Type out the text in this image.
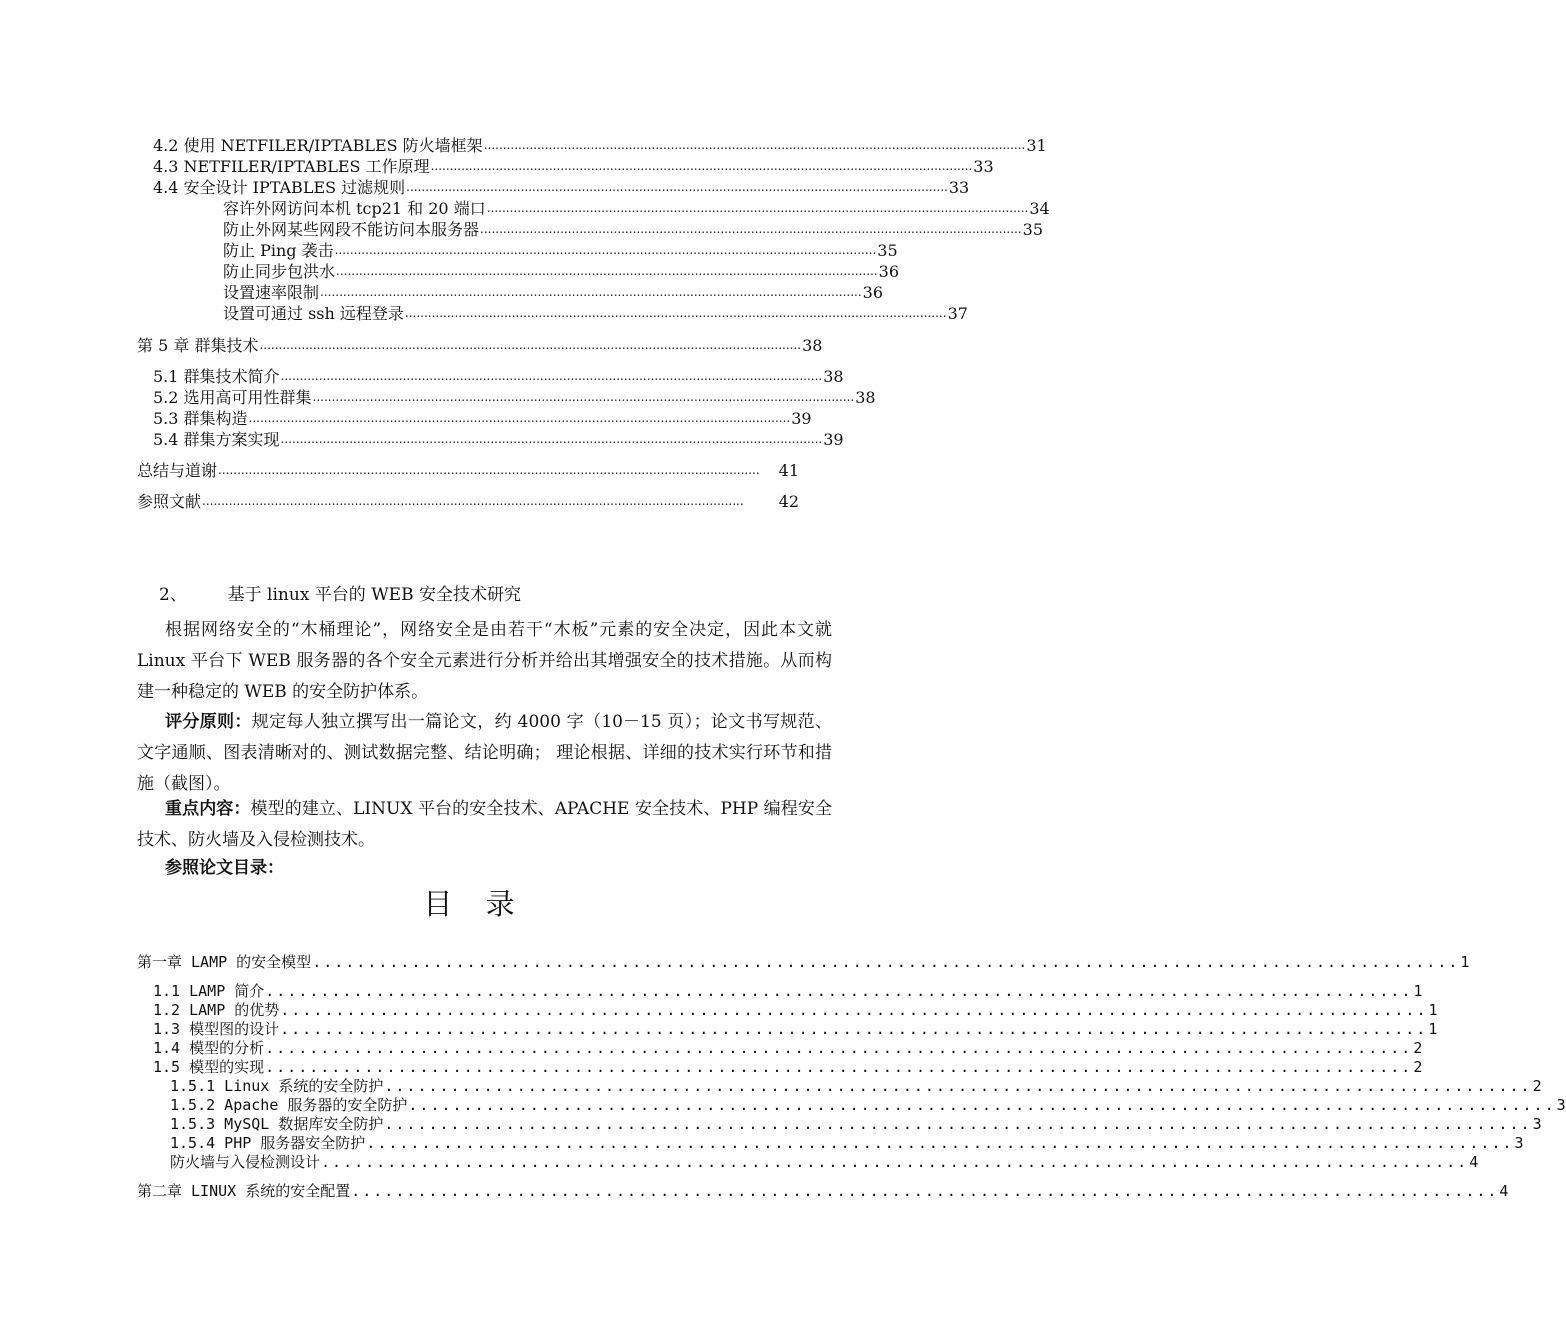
4.2 使用 NETFILER/IPTABLES 防火墙框架 .............................................................................................................................................. 31
4.3 NETFILER/IPTABLES 工作原理 .............................................................................................................................................. 33
4.4 安全设计 IPTABLES 过滤规则 .............................................................................................................................................. 33
容许外网访问本机 tcp21 和 20 端口 .............................................................................................................................................. 34
防止外网某些网段不能访问本服务器 .............................................................................................................................................. 35
防止 Ping 袭击 .............................................................................................................................................. 35
防止同步包洪水 .............................................................................................................................................. 36
设置速率限制 .............................................................................................................................................. 36
设置可通过 ssh 远程登录 .............................................................................................................................................. 37
第 5 章 群集技术 .............................................................................................................................................. 38
5.1 群集技术简介 .............................................................................................................................................. 38
5.2 选用高可用性群集 .............................................................................................................................................. 38
5.3 群集构造 .............................................................................................................................................. 39
5.4 群集方案实现 .............................................................................................................................................. 39
总结与道谢 ..............................................................................................................................................	41
参照文献 ..............................................................................................................................................	42
2、 基于 linux 平台的 WEB 安全技术研究
根据网络安全的“木桶理论”，网络安全是由若干“木板”元素的安全决定，因此本文就 Linux 平台下 WEB 服务器的各个安全元素进行分析并给出其增强安全的技术措施。从而构建一种稳定的 WEB 的安全防护体系。
评分原则：规定每人独立撰写出一篇论文，约 4000 字（10－15 页）；论文书写规范、文字通顺、图表清晰对的、测试数据完整、结论明确； 理论根据、详细的技术实行环节和措施（截图）。
重点内容：模型的建立、LINUX 平台的安全技术、APACHE 安全技术、PHP 编程安全技术、防火墙及入侵检测技术。
参照论文目录：
目 录
第一章 LAMP 的安全模型 ........................................................................................................ 1
1.1 LAMP 简介 ........................................................................................................ 1
1.2 LAMP 的优势 ........................................................................................................ 1
1.3 模型图的设计 ........................................................................................................ 1
1.4 模型的分析 ........................................................................................................ 2
1.5 模型的实现 ........................................................................................................ 2
1.5.1 Linux 系统的安全防护 ........................................................................................................ 2
1.5.2 Apache 服务器的安全防护 ........................................................................................................ 3
1.5.3 MySQL 数据库安全防护 ........................................................................................................ 3
1.5.4 PHP 服务器安全防护 ........................................................................................................ 3
防火墙与入侵检测设计 ........................................................................................................ 4
第二章 LINUX 系统的安全配置 ........................................................................................................ 4
